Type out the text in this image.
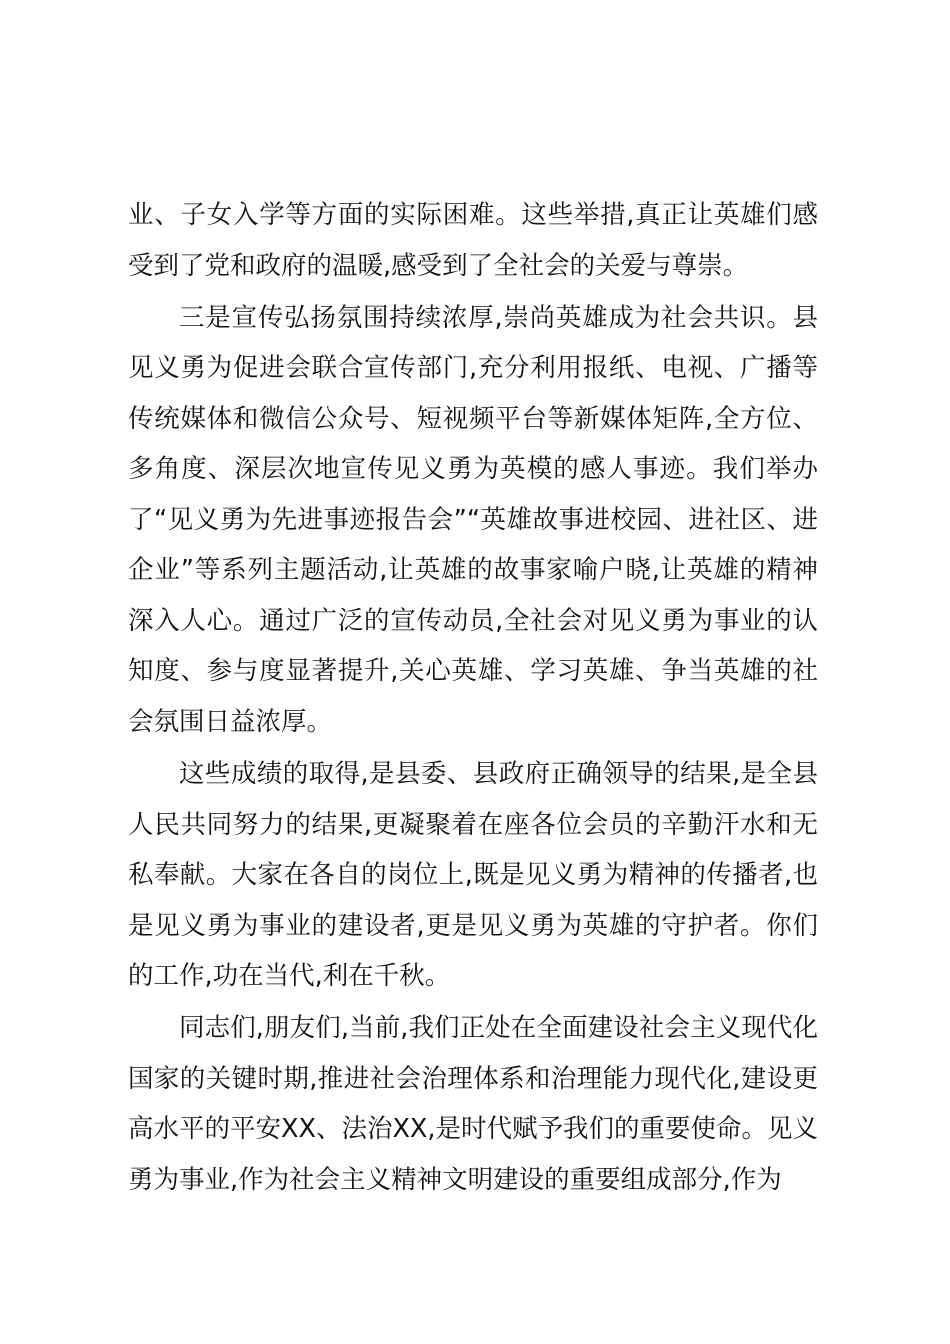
业、子女入学等方面的实际困难。这些举措,真正让英雄们感受到了党和政府的温暖,感受到了全社会的关爱与尊崇。

三是宣传弘扬氛围持续浓厚,崇尚英雄成为社会共识。县见义勇为促进会联合宣传部门,充分利用报纸、电视、广播等传统媒体和微信公众号、短视频平台等新媒体矩阵,全方位、多角度、深层次地宣传见义勇为英模的感人事迹。我们举办了“见义勇为先进事迹报告会”“英雄故事进校园、进社区、进企业”等系列主题活动,让英雄的故事家喻户晓,让英雄的精神深入人心。通过广泛的宣传动员,全社会对见义勇为事业的认知度、参与度显著提升,关心英雄、学习英雄、争当英雄的社会氛围日益浓厚。

这些成绩的取得,是县委、县政府正确领导的结果,是全县人民共同努力的结果,更凝聚着在座各位会员的辛勤汗水和无私奉献。大家在各自的岗位上,既是见义勇为精神的传播者,也是见义勇为事业的建设者,更是见义勇为英雄的守护者。你们的工作,功在当代,利在千秋。

同志们,朋友们,当前,我们正处在全面建设社会主义现代化国家的关键时期,推进社会治理体系和治理能力现代化,建设更高水平的平安XX、法治XX,是时代赋予我们的重要使命。见义勇为事业,作为社会主义精神文明建设的重要组成部分,作为
